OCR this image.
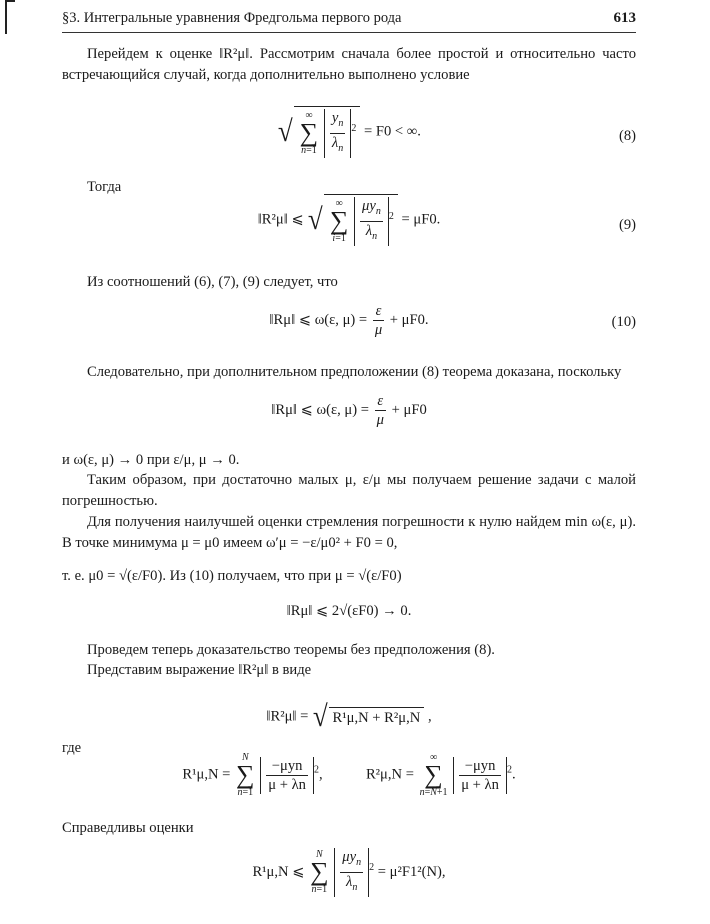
§3. Интегральные уравнения Фредгольма первого рода	613
Перейдем к оценке ‖R²μ‖. Рассмотрим сначала более простой и относительно часто встречающийся случай, когда дополнительно выполнено условие
√	∞
∑
n=1
$\frac{y_n}{\lambda_n} ^2 = F0$ < ∞.	(8)
Тогда
‖R²μ‖ ⩽ √	∞
∑
i=1
$\frac{\mu y_n}{\lambda_n} ^2 = \mu F0$.	(9)
Из соотношений (6), (7), (9) следует, что
‖Rμ‖ ⩽ ω(ε, $\mu) = \frac{\varepsilon}{\mu} + \mu F0$.	(10)
Следовательно, при дополнительном предположении (8) теорема доказана, поскольку
‖Rμ‖ ⩽ ω(ε, $\mu) = \frac{\varepsilon}{\mu} + \mu F0$
и ω(ε, μ) → 0 при ε/μ, μ → 0.
Таким образом, при достаточно малых μ, ε/μ мы получаем решение задачи с малой погрешностью.
Для получения наилучшей оценки стремления погрешности к нулю найдем min ω(ε, μ). В точке минимума μ = μ0 имеем ω′μ = −ε/μ0² + F0 = 0,
т. е. μ0 = √(ε/F0). Из (10) получаем, что при μ = √(ε/F0)
‖Rμ‖ ⩽ 2√(εF0) → 0.
Проведем теперь доказательство теоремы без предположения (8).
Представим выражение ‖R²μ‖ в виде
‖R²μ‖ = √ R¹μ,N + R²μ,N ,
где
R¹μ,N =
N
∑
n=1
$\frac{\text{−μyn}}{\mu + \lambda n} ^2$,	R²μ,N =
∞
∑
n=N+1
$\frac{\text{−μyn}}{\mu + \lambda n} ^2$.
Справедливы оценки
R¹μ,N ⩽
N
∑
n=1
$\frac{\mu y_n}{\lambda_n} ^2 = \mu^2F1^2(N)$,
